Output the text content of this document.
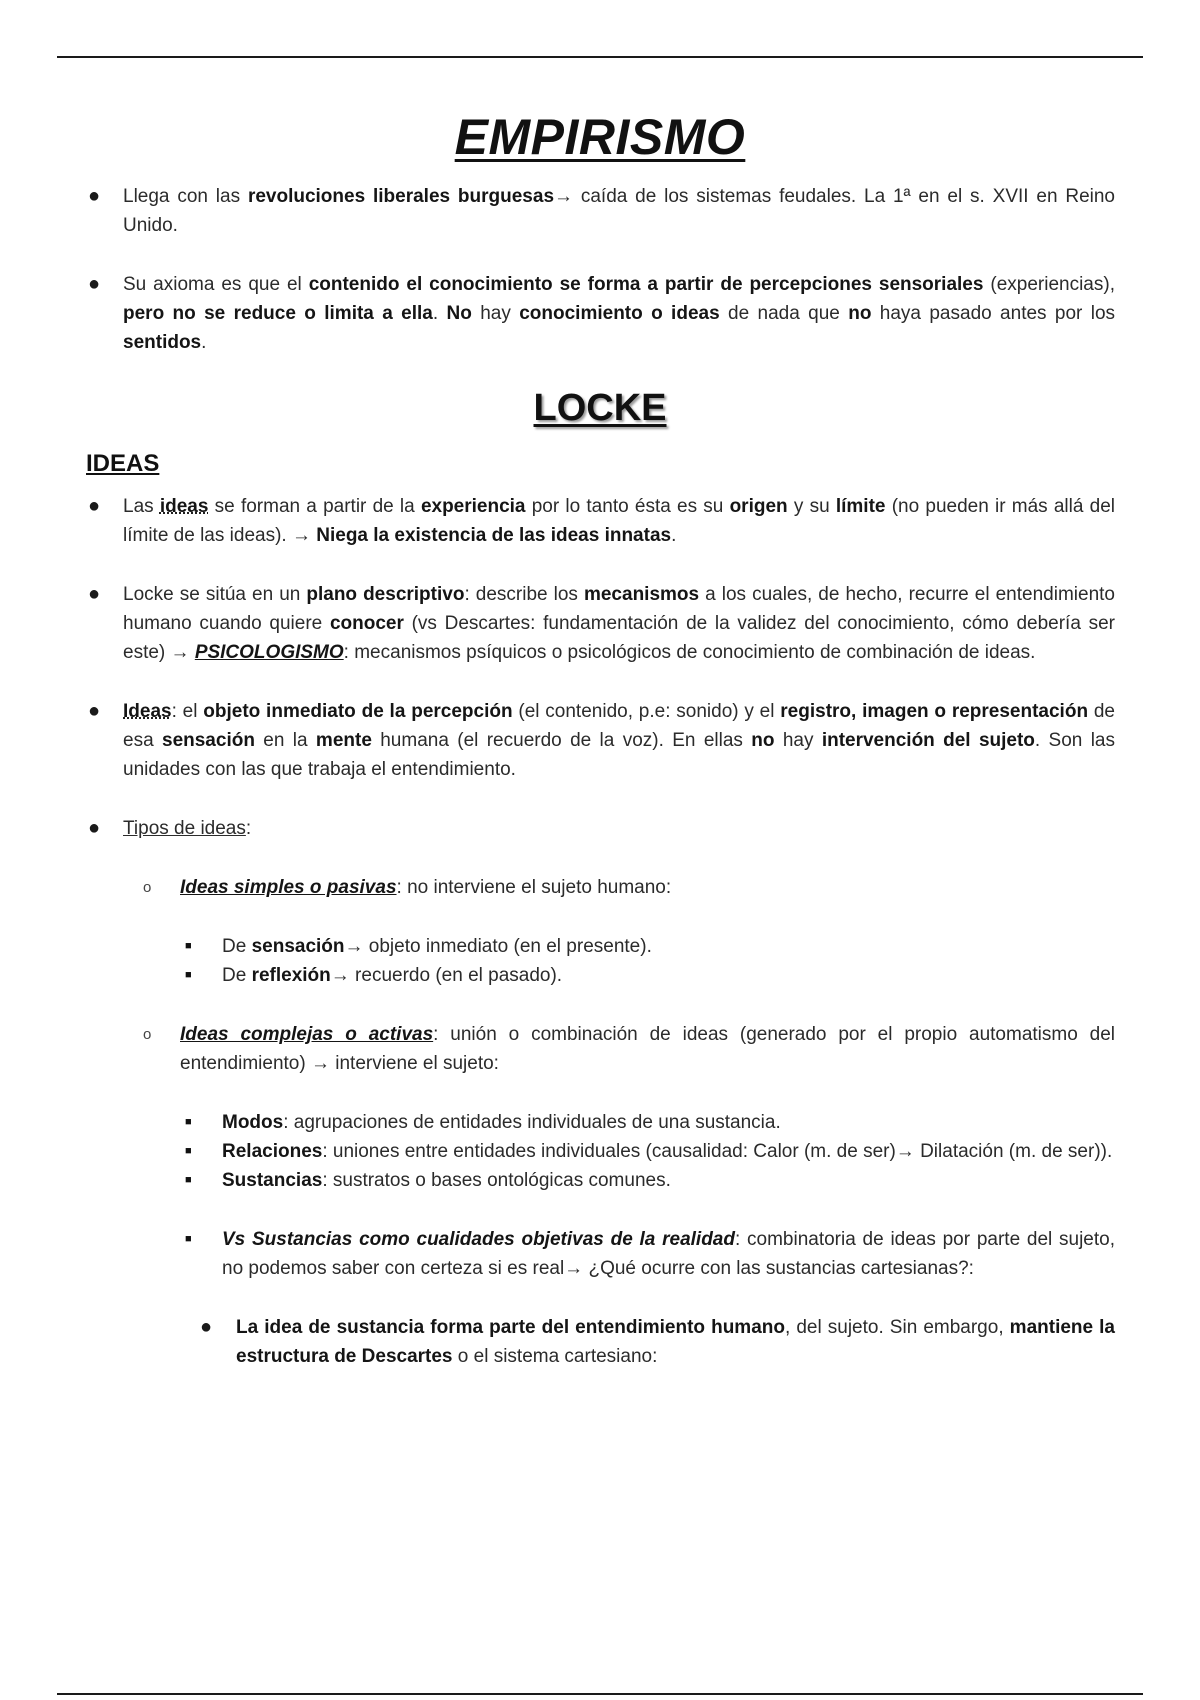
EMPIRISMO
● Llega con las revoluciones liberales burguesas→ caída de los sistemas feudales. La 1ª en el s. XVII en Reino Unido.
● Su axioma es que el contenido el conocimiento se forma a partir de percepciones sensoriales (experiencias), pero no se reduce o limita a ella. No hay conocimiento o ideas de nada que no haya pasado antes por los sentidos.
LOCKE
IDEAS
● Las ideas se forman a partir de la experiencia por lo tanto ésta es su origen y su límite (no pueden ir más allá del límite de las ideas). → Niega la existencia de las ideas innatas.
● Locke se sitúa en un plano descriptivo: describe los mecanismos a los cuales, de hecho, recurre el entendimiento humano cuando quiere conocer (vs Descartes: fundamentación de la validez del conocimiento, cómo debería ser este) → PSICOLOGISMO: mecanismos psíquicos o psicológicos de conocimiento de combinación de ideas.
● Ideas: el objeto inmediato de la percepción (el contenido, p.e: sonido) y el registro, imagen o representación de esa sensación en la mente humana (el recuerdo de la voz). En ellas no hay intervención del sujeto. Son las unidades con las que trabaja el entendimiento.
● Tipos de ideas:
o Ideas simples o pasivas: no interviene el sujeto humano:
■ De sensación→ objeto inmediato (en el presente).
■ De reflexión→ recuerdo (en el pasado).
o Ideas complejas o activas: unión o combinación de ideas (generado por el propio automatismo del entendimiento) → interviene el sujeto:
■ Modos: agrupaciones de entidades individuales de una sustancia.
■ Relaciones: uniones entre entidades individuales (causalidad: Calor (m. de ser)→ Dilatación (m. de ser)).
■ Sustancias: sustratos o bases ontológicas comunes.
■ Vs Sustancias como cualidades objetivas de la realidad: combinatoria de ideas por parte del sujeto, no podemos saber con certeza si es real→ ¿Qué ocurre con las sustancias cartesianas?:
● La idea de sustancia forma parte del entendimiento humano, del sujeto. Sin embargo, mantiene la estructura de Descartes o el sistema cartesiano:
